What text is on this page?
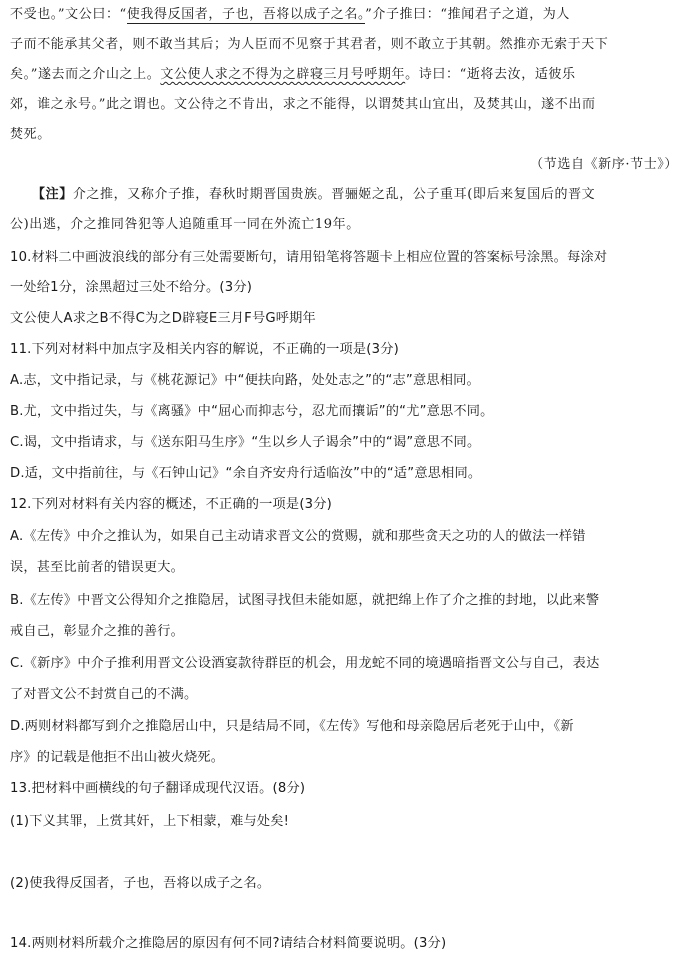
不受也。”文公曰：“使我得反国者，子也，吾将以成子之名。”介子推曰：“推闻君子之道，为人
子而不能承其父者，则不敢当其后；为人臣而不见察于其君者，则不敢立于其朝。然推亦无索于天下
矣。”遂去而之介山之上。文公使人求之不得为之辟寝三月号呼期年。诗曰：“逝将去汝，适彼乐
郊，谁之永号。”此之谓也。文公待之不肯出，求之不能得，以谓焚其山宜出，及焚其山，遂不出而
焚死。
（节选自《新序·节士》）
【注】介之推，又称介子推，春秋时期晋国贵族。晋骊姬之乱，公子重耳(即后来复国后的晋文
公)出逃，介之推同咎犯等人追随重耳一同在外流亡19年。
10.材料二中画波浪线的部分有三处需要断句，请用铅笔将答题卡上相应位置的答案标号涂黑。每涂对
一处给1分，涂黑超过三处不给分。(3分)
文公使人A求之B不得C为之D辟寝E三月F号G呼期年
11.下列对材料中加点字及相关内容的解说，不正确的一项是(3分)
A.志，文中指记录，与《桃花源记》中“便扶向路，处处志之”的“志”意思相同。
B.尤，文中指过失，与《离骚》中“屈心而抑志兮，忍尤而攘诟”的“尤”意思不同。
C.谒，文中指请求，与《送东阳马生序》“生以乡人子谒余”中的“谒”意思不同。
D.适，文中指前往，与《石钟山记》“余自齐安舟行适临汝”中的“适”意思相同。
12.下列对材料有关内容的概述，不正确的一项是(3分)
A.《左传》中介之推认为，如果自己主动请求晋文公的赏赐，就和那些贪天之功的人的做法一样错
误，甚至比前者的错误更大。
B.《左传》中晋文公得知介之推隐居，试图寻找但未能如愿，就把绵上作了介之推的封地，以此来警
戒自己，彰显介之推的善行。
C.《新序》中介子推利用晋文公设酒宴款待群臣的机会，用龙蛇不同的境遇暗指晋文公与自己，表达
了对晋文公不封赏自己的不满。
D.两则材料都写到介之推隐居山中，只是结局不同，《左传》写他和母亲隐居后老死于山中，《新
序》的记载是他拒不出山被火烧死。
13.把材料中画横线的句子翻译成现代汉语。(8分)
(1)下义其罪，上赏其奸，上下相蒙，难与处矣!
(2)使我得反国者，子也，吾将以成子之名。
14.两则材料所载介之推隐居的原因有何不同?请结合材料简要说明。(3分)
